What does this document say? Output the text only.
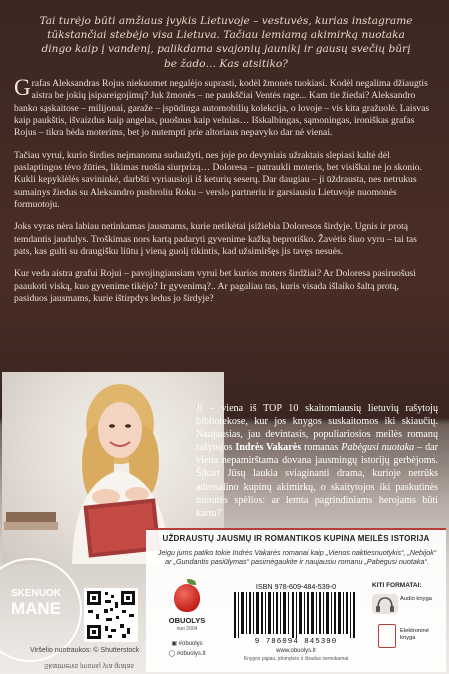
Tai turėjo būti amžiaus įvykis Lietuvoje – vestuvės, kurias instagrame tūkstančiai stebėjo visa Lietuva. Tačiau lemiamą akimirką nuotaka dingo kaip į vandenį, palikdama svajonių jaunikį ir gausų svečių būrį be žado… Kas atsitiko?

Grafas Aleksandras Rojus niekuomet negalėjo suprasti, kodėl žmonės tuokiasi. Kodėl negalima džiaugtis aistra be jokių įsipareigojimų? Juk žmonės – ne paukščiai Ventės rage... Kam tie žiedai? Aleksandro banko sąskaitose – milijonai, garaže – įspūdinga automobilių kolekcija, o lovoje – vis kita gražuolė. Laisvas kaip paukštis, išvaizdus kaip angelas, puošnus kaip velnias… Išskalbingas, sąmoningas, ironiškas grafas Rojus – tikra bėda moterims, bet jo nutempti prie altoriaus nepavyko dar nė vienai.

Tačiau vyrui, kurio širdies neįmanoma sudaužyti, nes joje po devyniais užraktais slepiasi kaltė dėl paslaptingos tėvo žūties, likimas ruošia siurprizą… Doloresa – patraukli moteris, bet visiškai ne jo skonio. Kukli kepyklėlės savininkė, darbšti vyriausioji iš keturių seserų. Dar daugiau – ji ūždrausta, nes netrukus sumainys žiedus su Aleksandro pusbroliu Roku – verslo partneriu ir garsiausiu Lietuvoje nuomonės formuotoju.

Joks vyras nėra labiau netinkamas jausmams, kurie netikėtai įsižiebia Doloresos širdyje. Ugnis ir protą temdantis jaudulys. Troškimas nors kartą padaryti gyvenime kažką beprotiško. Žavėtis šiuo vyru – tai tas pats, kas gulti su draugišku liūtu į vieną guolį tikintis, kad užsimiršęs jis tavęs nesuės.

Kur veda aistra grafui Rojui – pavojingiausiam vyrui bet kurios moters širdžiai? Ar Doloresa pasiruošusi paaukoti viską, kuo gyvenime tikėjo? Ir gyvenimą?.. Ar pagaliau tas, kuris visada išlaiko šaltą protą, pasiduos jausmams, kurie ištirpdys ledus jo širdyje?

Ji – viena iš TOP 10 skaitomiausių lietuvių rašytojų bibliotekose, kur jos knygos suskaitomos iki skiaučių. Naujausias, jau devintasis, populiariosios meilės romanų rašytojos Indrės Vakarės romanas Pabėgusi nuotaka – dar viena nepamirštama dovana jausmingų istorijų gerbėjoms. Šįkart Jūsų laukia sviaginanti drama, kurioje netrūks adrenalino kupinų akimirkų, o skaitytojos iki paskutinės minutės spėlios: ar lemta pagrindiniams herojams būti kartu?
SKENUOK
MANE
UŽDRAUSTŲ JAUSMŲ IR ROMANTIKOS KUPINA MEILĖS ISTORIJA
Jeigu jums patiko tokie Indrės Vakarės romanai kaip „Vienos naktiesnuotykis“, „Nebijok“ ar „Gundantis pasiūlymas“ pasimėgaukite ir naujausiu romanu „Pabėgusi nuotaka“.
OBUOLYS
nuo 2004
▣ #obuolys
◯ #obuolys.lt
ISBN 978-609-484-539-0
9 786094 845390
www.obuolys.lt
Knygos pigiau, įdomybės ir išradus nemokamai
KITI FORMATAI:
Audio knyga
Elektroninė knyga
Viršelio nuotraukos: © Shutterstock
Skaitmenis įmonių yra grafas
